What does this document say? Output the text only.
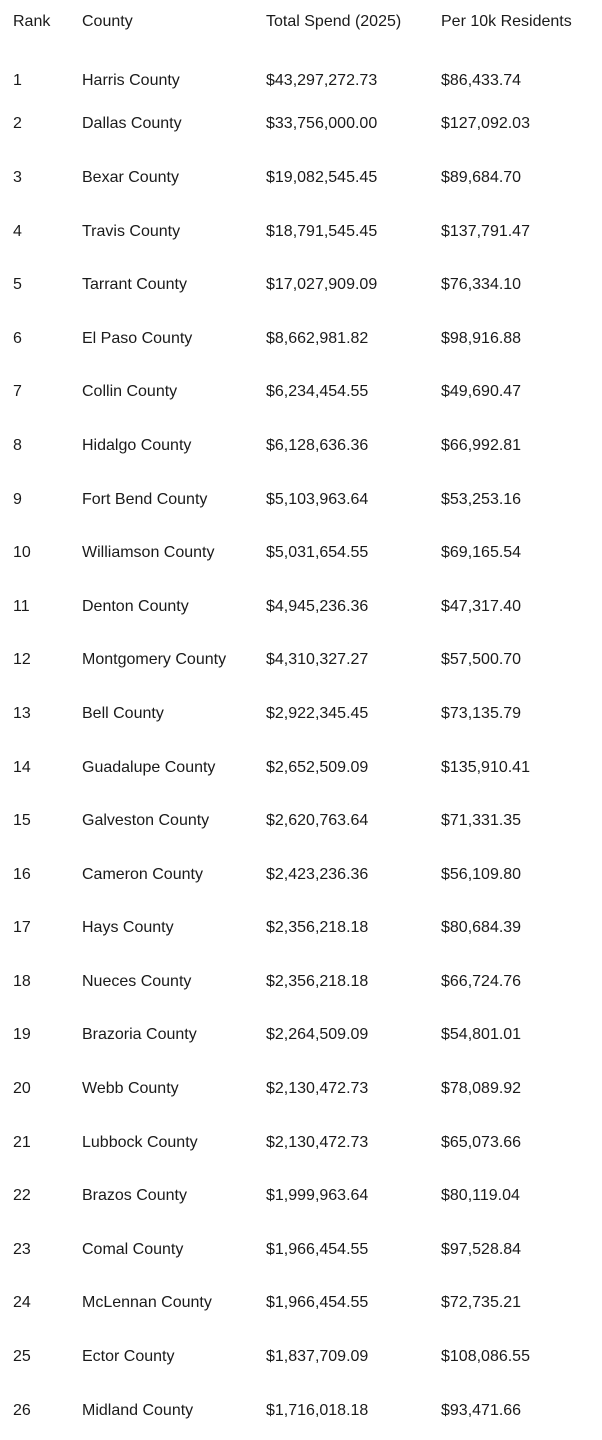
Rank	County	Total Spend (2025)	Per 10k Residents
1	Harris County	$43,297,272.73	$86,433.74
2	Dallas County	$33,756,000.00	$127,092.03
3	Bexar County	$19,082,545.45	$89,684.70
4	Travis County	$18,791,545.45	$137,791.47
5	Tarrant County	$17,027,909.09	$76,334.10
6	El Paso County	$8,662,981.82	$98,916.88
7	Collin County	$6,234,454.55	$49,690.47
8	Hidalgo County	$6,128,636.36	$66,992.81
9	Fort Bend County	$5,103,963.64	$53,253.16
10	Williamson County	$5,031,654.55	$69,165.54
11	Denton County	$4,945,236.36	$47,317.40
12	Montgomery County	$4,310,327.27	$57,500.70
13	Bell County	$2,922,345.45	$73,135.79
14	Guadalupe County	$2,652,509.09	$135,910.41
15	Galveston County	$2,620,763.64	$71,331.35
16	Cameron County	$2,423,236.36	$56,109.80
17	Hays County	$2,356,218.18	$80,684.39
18	Nueces County	$2,356,218.18	$66,724.76
19	Brazoria County	$2,264,509.09	$54,801.01
20	Webb County	$2,130,472.73	$78,089.92
21	Lubbock County	$2,130,472.73	$65,073.66
22	Brazos County	$1,999,963.64	$80,119.04
23	Comal County	$1,966,454.55	$97,528.84
24	McLennan County	$1,966,454.55	$72,735.21
25	Ector County	$1,837,709.09	$108,086.55
26	Midland County	$1,716,018.18	$93,471.66
